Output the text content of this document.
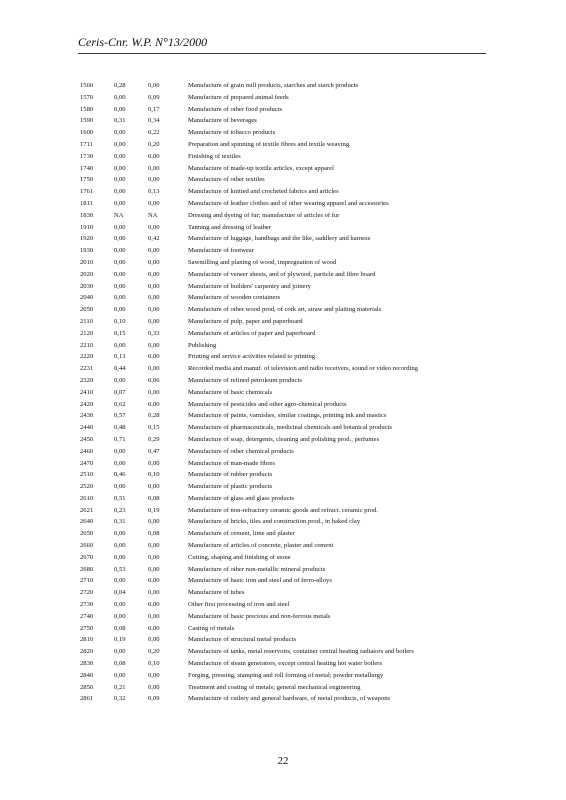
Ceris-Cnr. W.P. N°13/2000
1560	0,28	0,00	Manufacture of grain mill products, starches and starch products
1570	0,00	0,09	Manufacture of prepared animal feeds
1580	0,00	0,17	Manufacture of other food products
1590	0,31	0,34	Manufacture of beverages
1600	0,00	0,22	Manufacture of tobacco products
1711	0,00	0,20	Preparation and spinning of textile fibres and textile weaving
1730	0,00	0,00	Finishing of textiles
1740	0,00	0,00	Manufacture of made-up textile articles, except apparel
1750	0,00	0,00	Manufacture of other textiles
1761	0,00	0,13	Manufacture of knitted and crocheted fabrics and articles
1811	0,00	0,00	Manufacture of leather clothes and of other wearing apparel and accessories
1830	NA	NA	Dressing and dyeing of fur; manufacture of articles of fur
1910	0,00	0,00	Tanning and dressing of leather
1920	0,00	0,42	Manufacture of luggage, handbags and the like, saddlery and harness
1930	0,00	0,00	Manufacture of footwear
2010	0,00	0,00	Sawmilling and planing of wood, impregnation of wood
2020	0,00	0,00	Manufacture of veneer sheets, and of plywood, particle and fibre board
2030	0,00	0,00	Manufacture of builders' carpentry and joinery
2040	0,00	0,00	Manufacture of wooden containers
2050	0,00	0,00	Manufacture of other wood prod, of cork art, straw and plaiting materials
2110	0,10	0,00	Manufacture of pulp, paper and paperboard
2120	0,15	0,33	Manufacture of articles of paper and paperboard
2210	0,00	0,00	Publishing
2220	0,13	0,00	Printing and service activities related to printing
2231	0,44	0,00	Recorded media and manuf. of television and radio receivers, sound or video recording
2320	0,00	0,06	Manufacture of refined petroleum products
2410	0,07	0,00	Manufacture of basic chemicals
2420	0,62	0,00	Manufacture of pesticides and other agro-chemical products
2430	0,57	0,28	Manufacture of paints, varnishes, similar coatings, printing ink and mastics
2440	0,48	0,15	Manufacture of pharmaceuticals, medicinal chemicals and botanical products
2450	0,71	0,29	Manufacture of soap, detergents, cleaning and polishing prod., perfumes
2460	0,00	0,47	Manufacture of other chemical products
2470	0,00	0,00	Manufacture of man-made fibres
2510	0,46	0,10	Manufacture of rubber products
2520	0,00	0,00	Manufacture of plastic products
2610	0,51	0,08	Manufacture of glass and glass products
2621	0,23	0,19	Manufacture of non-refractory ceramic goods and refract. ceramic prod.
2640	0,31	0,00	Manufacture of bricks, tiles and construction prod., in baked clay
2650	0,00	0,08	Manufacture of cement, lime and plaster
2660	0,00	0,00	Manufacture of articles of concrete, plaster and cement
2670	0,00	0,00	Cutting, shaping and finishing of stone
2680	0,53	0,00	Manufacture of other non-metallic mineral products
2710	0,00	0,00	Manufacture of basic iron and steel and of ferro-alloys
2720	0,04	0,00	Manufacture of tubes
2730	0,00	0,00	Other first processing of iron and steel
2740	0,00	0,00	Manufacture of basic precious and non-ferrous metals
2750	0,08	0,00	Casting of metals
2810	0,19	0,00	Manufacture of structural metal products
2820	0,00	0,20	Manufacture of tanks, metal reservoirs, container central heating radiators and boilers
2830	0,08	0,10	Manufacture of steam generators, except central heating hot water boilers
2840	0,00	0,00	Forging, pressing, stamping and roll forming of metal; powder metallurgy
2850	0,21	0,00	Treatment and coating of metals; general mechanical engineering
2861	0,32	0,09	Manufacture of cutlery and general hardware, of metal products, of weapons
22
